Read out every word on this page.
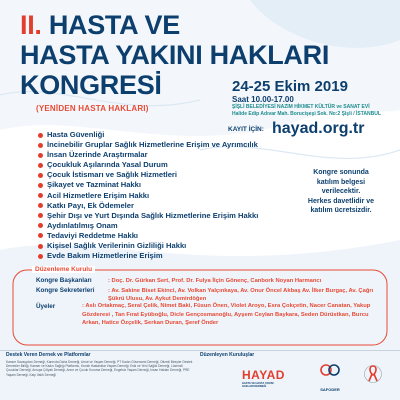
II. HASTA VE
HASTA YAKINI HAKLARI
KONGRESİ
(YENİDEN HASTA HAKLARI)
24-25 Ekim 2019
Saat 10.00-17.00
ŞİŞLİ BELEDİYESİ NAZIM HİKMET KÜLTÜR ve SANAT EVİ Halide Edip Adıvar Mah. Borucişeşi Sok. No:2 Şişli / İSTANBUL
KAYIT İÇİN: hayad.org.tr
Hasta Güvenliği
İncinebilir Gruplar Sağlık Hizmetlerine Erişim ve Ayrımcılık
İnsan Üzerinde Araştırmalar
Çocukluk Aşılarında Yasal Durum
Çocuk İstismarı ve Sağlık Hizmetleri
Şikayet ve Tazminat Hakkı
Acil Hizmetlere Erişim Hakkı
Katkı Payı, Ek Ödemeler
Şehir Dışı ve Yurt Dışında Sağlık Hizmetlerine Erişim Hakkı
Aydınlatılmış Onam
Tedaviyi Reddetme Hakkı
Kişisel Sağlık Verilerinin Gizliliği Hakkı
Evde Bakım Hizmetlerine Erişim
Kongre sonunda
katılım belgesi
verilecektir.
Herkes davetlidir ve
katılım ücretsizdir.
Düzenleme Kurulu
Kongre Başkanları	: Doç. Dr. Gürkan Sert, Prof. Dr. Fulya İlçin Gönenç, Canbork Noyan Harmancı
Kongre Sekreterleri : Av. Sakine Biset Ekinci, Av. Volkan Yalçınkaya, Av. Onur Öncel Akbaş Av. İlker Burgaç, Av. Çağrı Şükrü Ulusu, Av. Aykut Demirdöğen
Üyeler	: Aslı Ortakmaç, Seral Çelik, Nimet Baki, Füsun Önen, Violet Aroyo, Esra Çokçetin, Nacer Canatan, Yakup Gözderesi , Tan Fırat Eyüboğlu, Dicle Gençosmanoğlu, Ayşem Ceylan Baykara, Seden Dürüstkan, Burcu Arkan, Hatice Özçelik, Serkan Duran, Şeref Önder
Destek Veren Dernek ve Platformlar
Kanser Savaşçıları Derneği, Karınıda Daha Derneği, Umut ve Yaşam Derneği, PT Kadın Güvencesi Derneği, Otizmli Bireyler Destek Dernekler Birliği, Kanser ve Kadın Sağlığı Platformu, Kronik Hastalıklar Yaşam Derneği, Eski ve Yeni Sağlık Derneği, Lösemili Çocuklar Derneği, Avrupa Çölyak Derneği, Anne ve Çocuk Koruma Derneği, Engelsiz Yaşam Derneği, İnsan Hakları Derneği, PRE Yaşam Derneği, Kalp Vakfı Derneği
Düzenleyen Kuruluşlar
HAYAD
HASTA VE HASTA YAKINI HAKLARI DERNEĞİ
SAFODER
